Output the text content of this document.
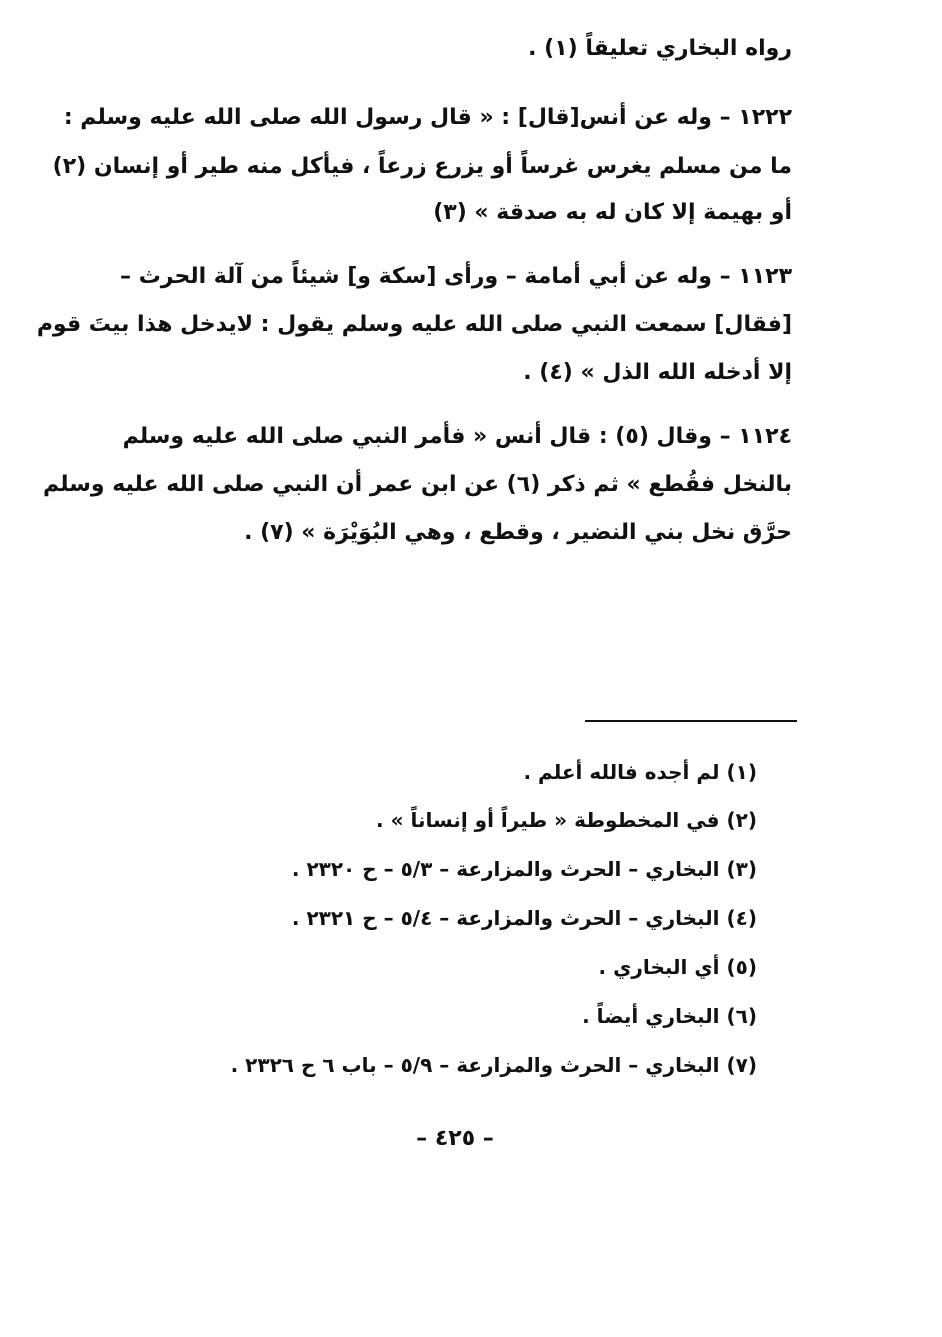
رواه البخاري تعليقاً (١) .
١٢٢٢ – وله عن أنس[قال] : « قال رسول الله صلى الله عليه وسلم :
ما من مسلم يغرس غرساً أو يزرع زرعاً ، فيأكل منه طير أو إنسان (٢)
أو بهيمة إلا كان له به صدقة » (٣)
١١٢٣ – وله عن أبي أمامة – ورأى [سكة و] شيئاً من آلة الحرث –
[فقال] سمعت النبي صلى الله عليه وسلم يقول : لايدخل هذا بيتَ قوم
إلا أدخله الله الذل » (٤) .
١١٢٤ – وقال (٥) : قال أنس « فأمر النبي صلى الله عليه وسلم
بالنخل فقُطع » ثم ذكر (٦) عن ابن عمر أن النبي صلى الله عليه وسلم
حرَّق نخل بني النضير ، وقطع ، وهي البُوَيْرَة » (٧) .
(١) لم أجده فالله أعلم .
(٢) في المخطوطة « طيراً أو إنساناً » .
(٣) البخاري – الحرث والمزارعة – ٥/٣ – ح ٢٣٢٠ .
(٤) البخاري – الحرث والمزارعة – ٥/٤ – ح ٢٣٢١ .
(٥) أي البخاري .
(٦) البخاري أيضاً .
(٧) البخاري – الحرث والمزارعة – ٥/٩ – باب ٦ ح ٢٣٢٦ .
– ٤٢٥ –
